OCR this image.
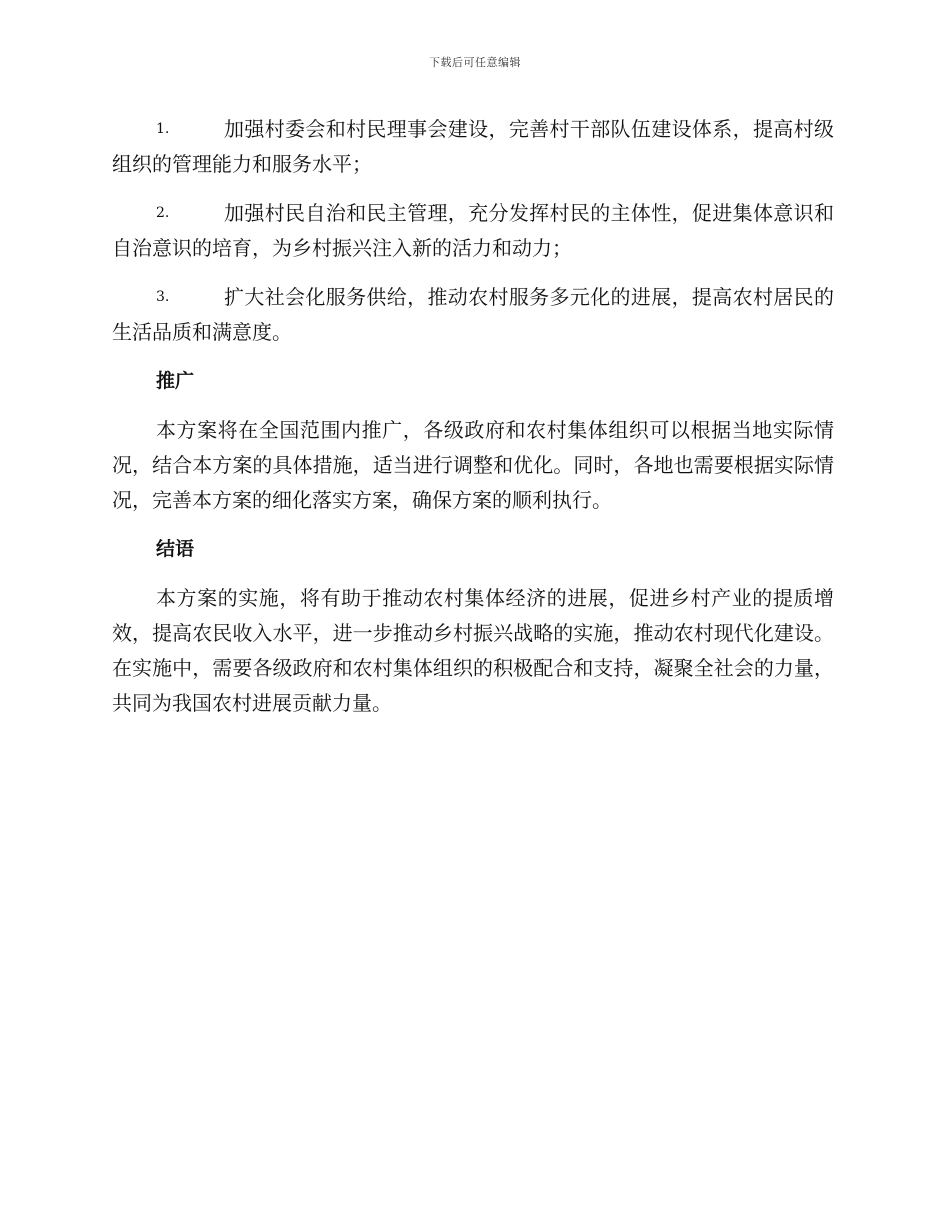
下载后可任意编辑

1.	加强村委会和村民理事会建设，完善村干部队伍建设体系，提高村级组织的管理能力和服务水平；

2.	加强村民自治和民主管理，充分发挥村民的主体性，促进集体意识和自治意识的培育，为乡村振兴注入新的活力和动力；

3.	扩大社会化服务供给，推动农村服务多元化的进展，提高农村居民的生活品质和满意度。

推广

本方案将在全国范围内推广，各级政府和农村集体组织可以根据当地实际情况，结合本方案的具体措施，适当进行调整和优化。同时，各地也需要根据实际情况，完善本方案的细化落实方案，确保方案的顺利执行。

结语

本方案的实施，将有助于推动农村集体经济的进展，促进乡村产业的提质增效，提高农民收入水平，进一步推动乡村振兴战略的实施，推动农村现代化建设。在实施中，需要各级政府和农村集体组织的积极配合和支持，凝聚全社会的力量，共同为我国农村进展贡献力量。
